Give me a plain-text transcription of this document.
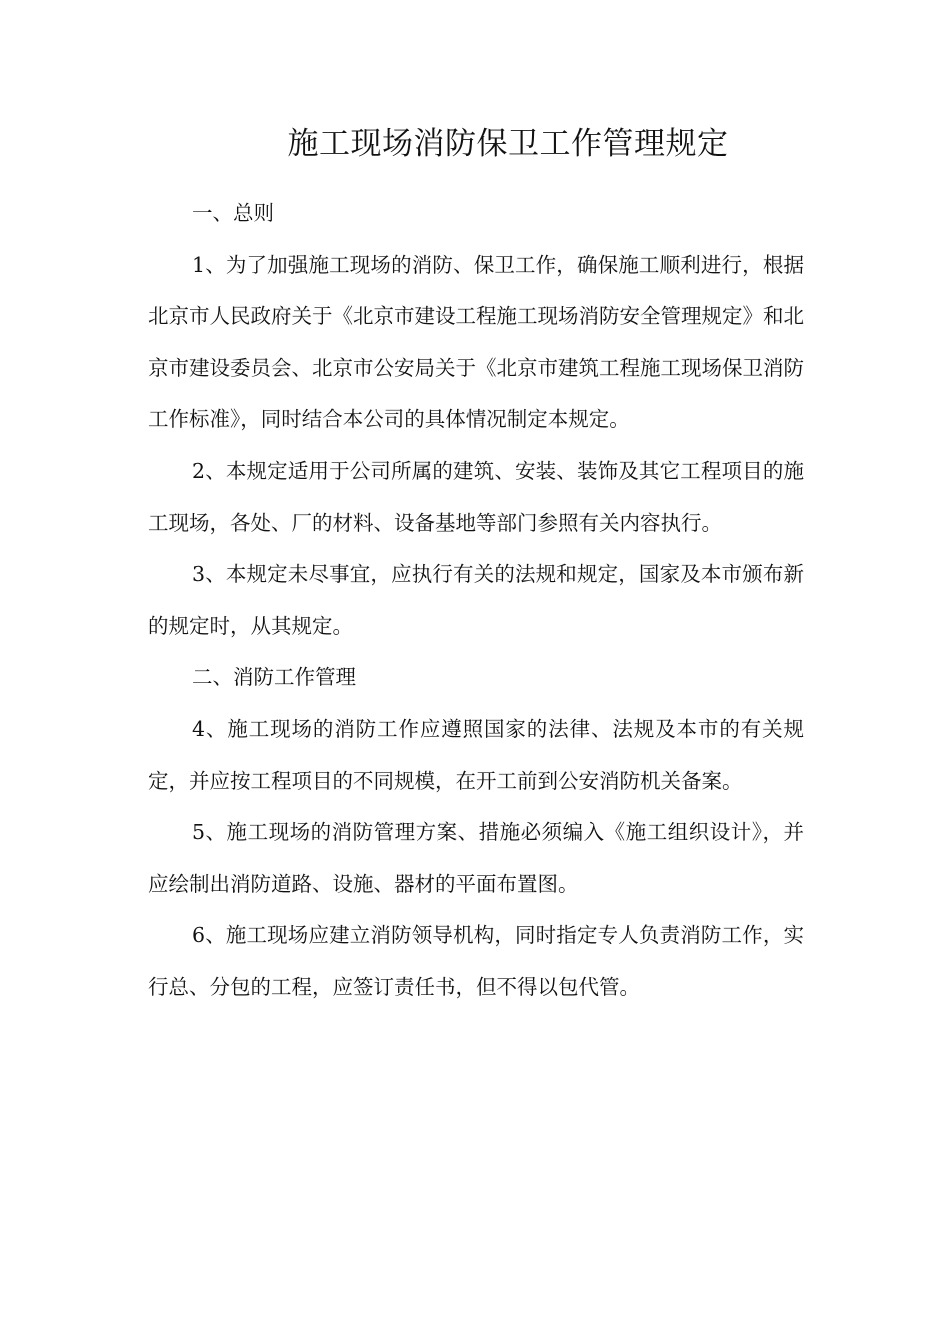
施工现场消防保卫工作管理规定

一、总则

1、为了加强施工现场的消防、保卫工作，确保施工顺利进行，根据北京市人民政府关于《北京市建设工程施工现场消防安全管理规定》和北京市建设委员会、北京市公安局关于《北京市建筑工程施工现场保卫消防工作标准》，同时结合本公司的具体情况制定本规定。

2、本规定适用于公司所属的建筑、安装、装饰及其它工程项目的施工现场，各处、厂的材料、设备基地等部门参照有关内容执行。

3、本规定未尽事宜，应执行有关的法规和规定，国家及本市颁布新的规定时，从其规定。

二、消防工作管理

4、施工现场的消防工作应遵照国家的法律、法规及本市的有关规定，并应按工程项目的不同规模，在开工前到公安消防机关备案。

5、施工现场的消防管理方案、措施必须编入《施工组织设计》，并应绘制出消防道路、设施、器材的平面布置图。

6、施工现场应建立消防领导机构，同时指定专人负责消防工作，实行总、分包的工程，应签订责任书，但不得以包代管。
